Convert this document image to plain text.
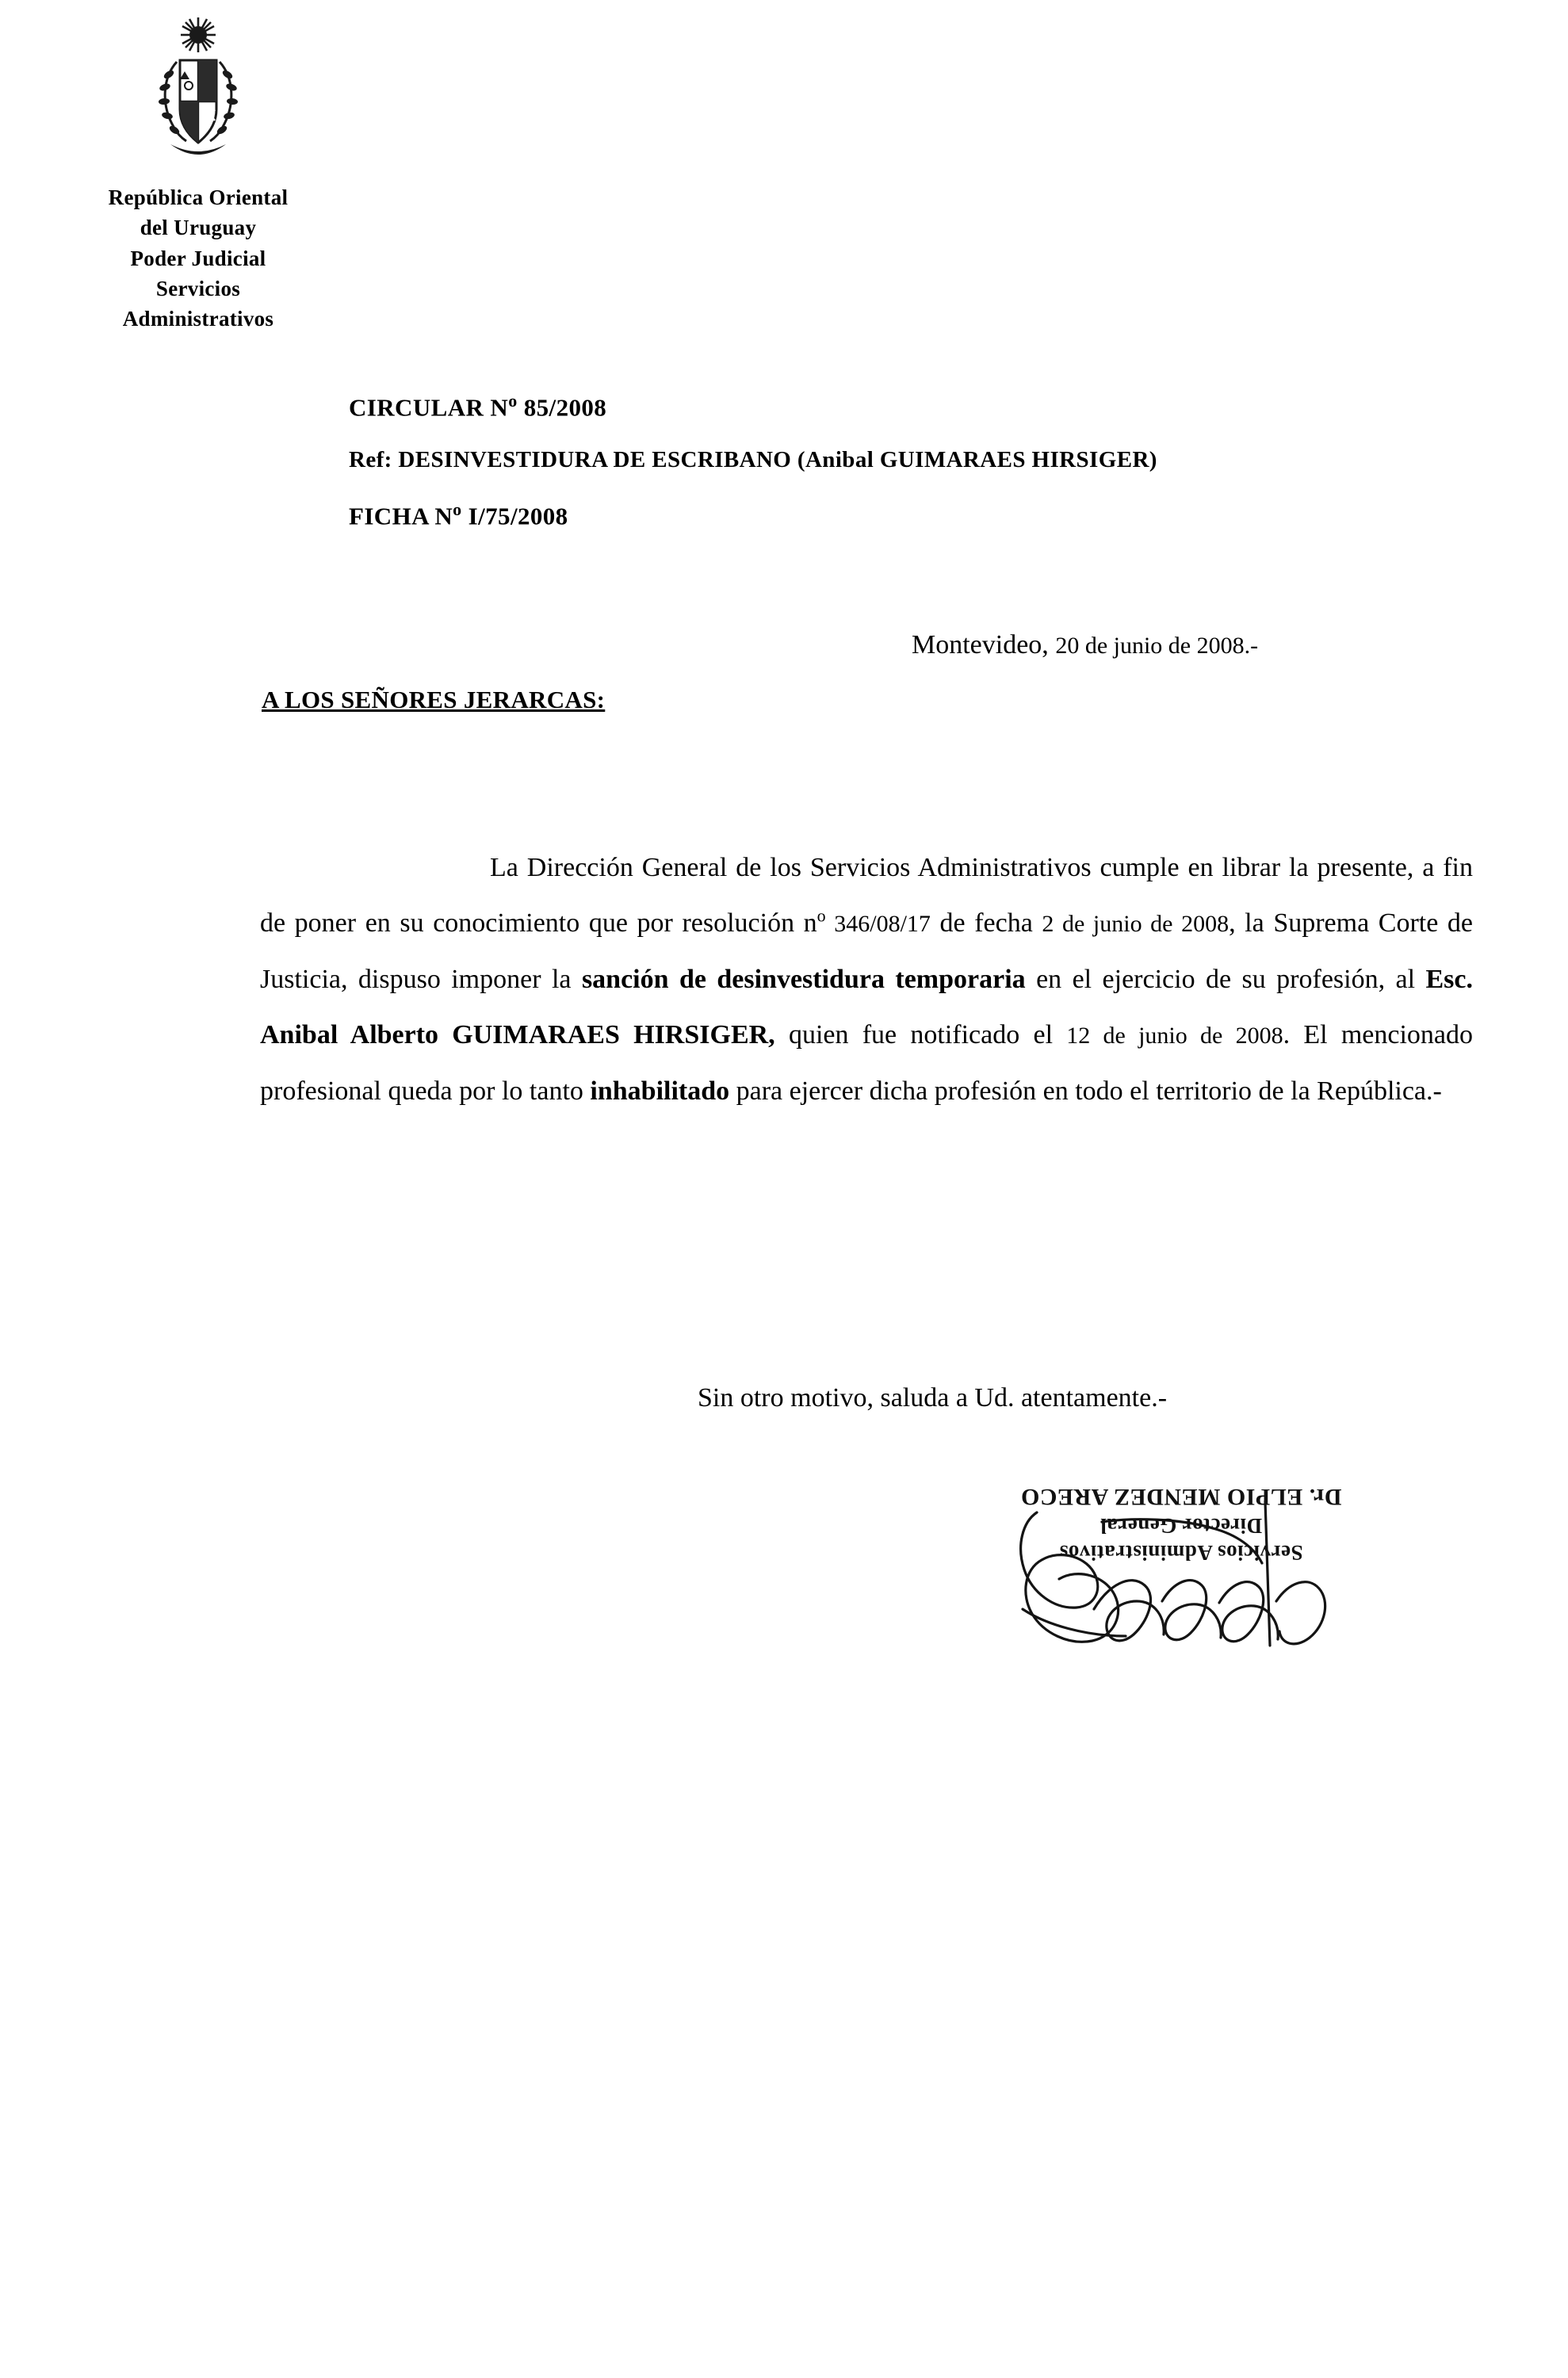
República Oriental
del Uruguay
Poder Judicial
Servicios
Administrativos
CIRCULAR $N^o$ 85/2008
Ref: DESINVESTIDURA DE ESCRIBANO (Anibal GUIMARAES HIRSIGER)
FICHA $N^o$ I/75/2008
Montevideo, 20 de junio de 2008.-
A LOS SEÑORES JERARCAS:

La Dirección General de los Servicios Administrativos cumple en librar la presente, a fin de poner en su conocimiento que por resolución $n^o$ 346/08/17 de fecha 2 de junio de 2008, la Suprema Corte de Justicia, dispuso imponer la sanción de desinvestidura temporaria en el ejercicio de su profesión, al Esc. Anibal Alberto GUIMARAES HIRSIGER, quien fue notificado el 12 de junio de 2008. El mencionado profesional queda por lo tanto inhabilitado para ejercer dicha profesión en todo el territorio de la República.-

Sin otro motivo, saluda a Ud. atentamente.-
Servicios Administrativos
Director General
Dr. ELPIO MENDEZ ARECO
